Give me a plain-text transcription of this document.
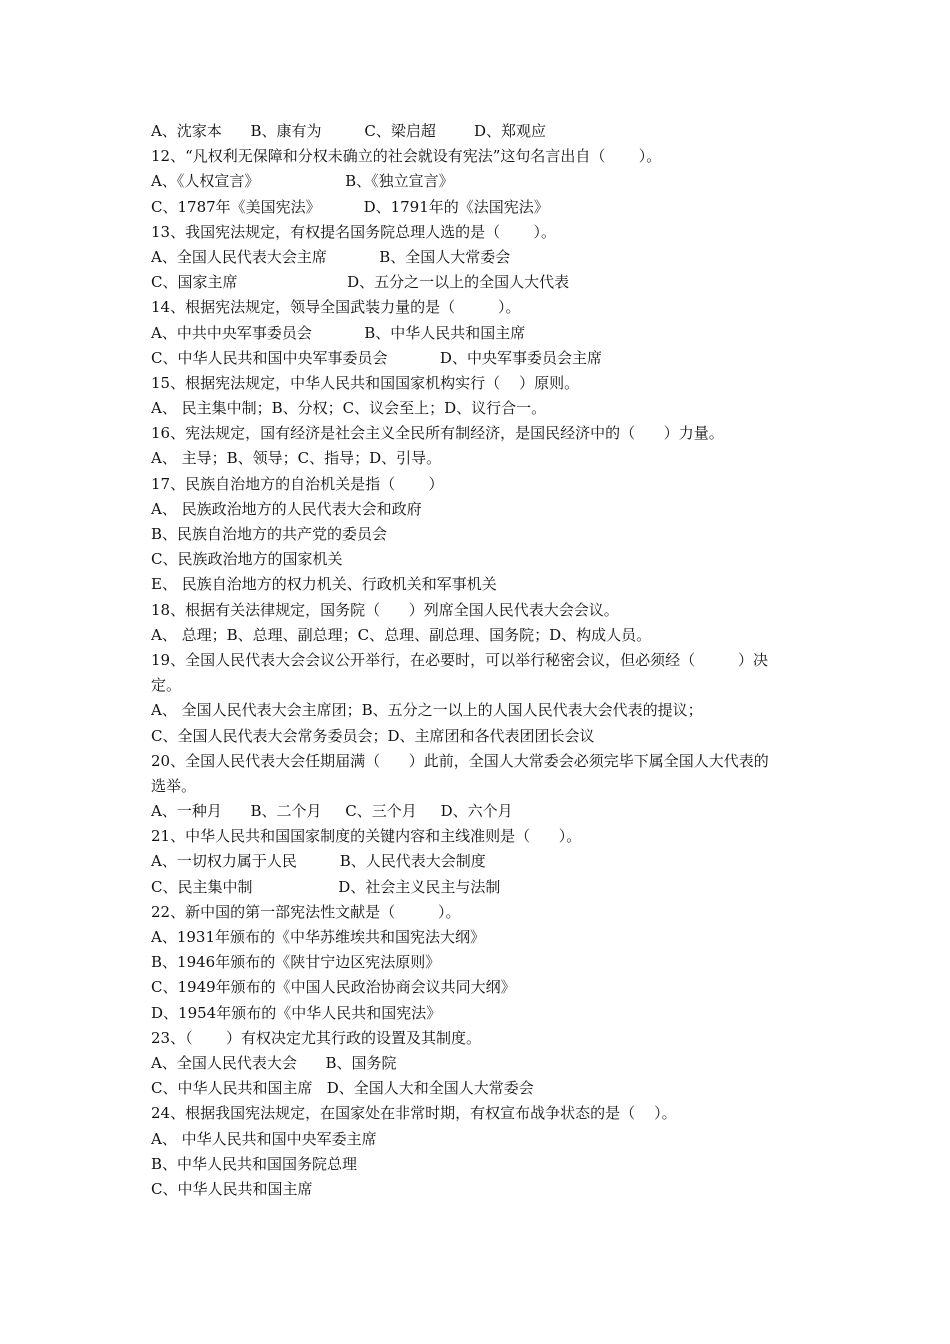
A、沈家本      B、康有为         C、梁启超        D、郑观应
12、“凡权利无保障和分权未确立的社会就设有宪法”这句名言出自（       ）。
A、《人权宣言》                  B、《独立宣言》
C、1787年《美国宪法》         D、1791年的《法国宪法》
13、我国宪法规定，有权提名国务院总理人选的是（       ）。
A、全国人民代表大会主席           B、全国人大常委会
C、国家主席                       D、五分之一以上的全国人大代表
14、根据宪法规定，领导全国武装力量的是（         ）。
A、中共中央军事委员会           B、中华人民共和国主席
C、中华人民共和国中央军事委员会           D、中央军事委员会主席
15、根据宪法规定，中华人民共和国国家机构实行（    ）原则。
A、 民主集中制；B、分权；C、议会至上；D、议行合一。
16、宪法规定，国有经济是社会主义全民所有制经济，是国民经济中的（      ）力量。
A、 主导；B、领导；C、指导；D、引导。
17、民族自治地方的自治机关是指（       ）
A、 民族政治地方的人民代表大会和政府
B、民族自治地方的共产党的委员会
C、民族政治地方的国家机关
E、 民族自治地方的权力机关、行政机关和军事机关
18、根据有关法律规定，国务院（      ）列席全国人民代表大会会议。
A、 总理；B、总理、副总理；C、总理、副总理、国务院；D、构成人员。
19、全国人民代表大会会议公开举行，在必要时，可以举行秘密会议，但必须经（         ）决
定。
A、 全国人民代表大会主席团；B、五分之一以上的人国人民代表大会代表的提议；
C、全国人民代表大会常务委员会；D、主席团和各代表团团长会议
20、全国人民代表大会任期届满（      ）此前，全国人大常委会必须完毕下属全国人大代表的
选举。
A、一种月      B、二个月     C、三个月     D、六个月
21、中华人民共和国国家制度的关键内容和主线准则是（      ）。
A、一切权力属于人民         B、人民代表大会制度
C、民主集中制                  D、社会主义民主与法制
22、新中国的第一部宪法性文献是（         ）。
A、1931年颁布的《中华苏维埃共和国宪法大纲》
B、1946年颁布的《陕甘宁边区宪法原则》
C、1949年颁布的《中国人民政治协商会议共同大纲》
D、1954年颁布的《中华人民共和国宪法》
23、（       ）有权决定尤其行政的设置及其制度。
A、全国人民代表大会      B、国务院
C、中华人民共和国主席   D、全国人大和全国人大常委会
24、根据我国宪法规定，在国家处在非常时期，有权宣布战争状态的是（    ）。
A、 中华人民共和国中央军委主席
B、中华人民共和国国务院总理
C、中华人民共和国主席
